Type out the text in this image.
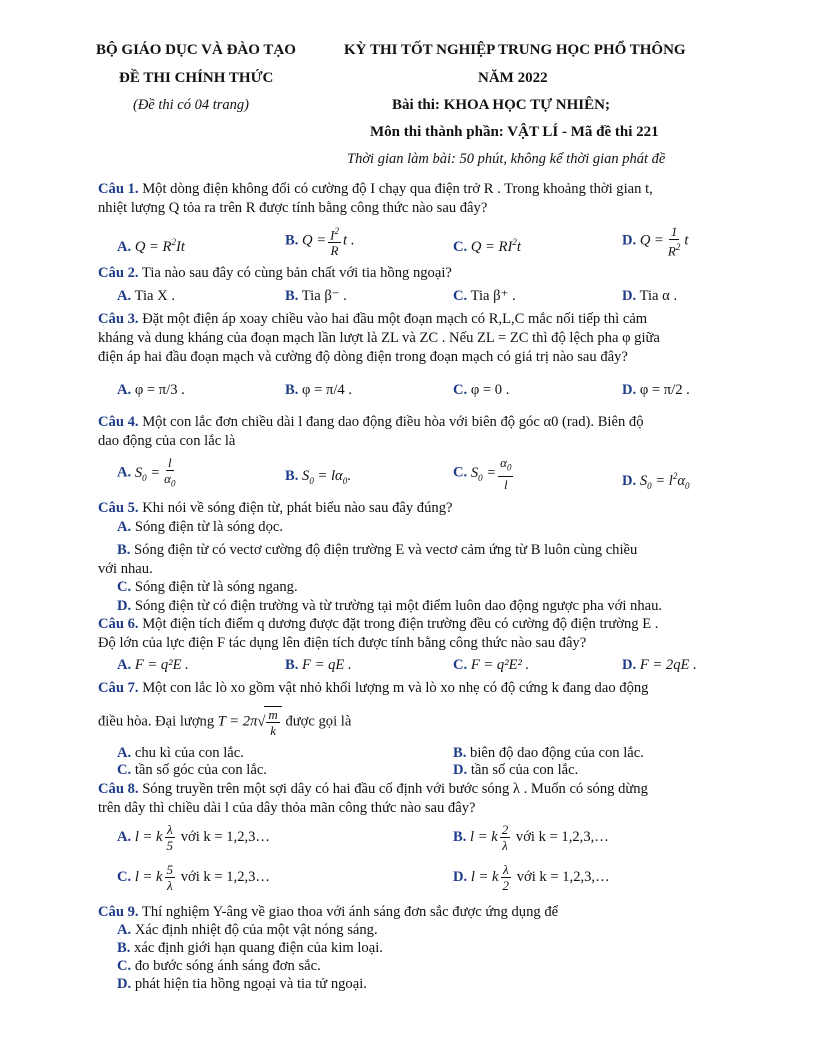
BỘ GIÁO DỤC VÀ ĐÀO TẠO
ĐỀ THI CHÍNH THỨC
(Đề thi có 04 trang)
KỲ THI TỐT NGHIỆP TRUNG HỌC PHỔ THÔNG
NĂM 2022
Bài thi: KHOA HỌC TỰ NHIÊN;
Môn thi thành phần: VẬT LÍ - Mã đề thi 221
Thời gian làm bài: 50 phút, không kể thời gian phát đề
Câu 1. Một dòng điện không đổi có cường độ I chạy qua điện trở R . Trong khoảng thời gian t,
nhiệt lượng Q tỏa ra trên R được tính bằng công thức nào sau đây?
A. $Q = R^2It$	B. $Q = \frac{I^2}{R}$ t .	C. $Q = RI^2t$	D. $Q = \frac{1}{R^2}$ t
Câu 2. Tia nào sau đây có cùng bản chất với tia hồng ngoại?
A. Tia X .	B. Tia β⁻ .	C. Tia β⁺ .	D. Tia α .
Câu 3. Đặt một điện áp xoay chiều vào hai đầu một đoạn mạch có R,L,C mắc nối tiếp thì cảm
kháng và dung kháng của đoạn mạch lần lượt là ZL và ZC . Nếu ZL = ZC thì độ lệch pha φ giữa
điện áp hai đầu đoạn mạch và cường độ dòng điện trong đoạn mạch có giá trị nào sau đây?
A. φ = π/3 .	B. φ = π/4 .	C. φ = 0 .	D. φ = π/2 .
Câu 4. Một con lắc đơn chiều dài l đang dao động điều hòa với biên độ góc α0 (rad). Biên độ
dao động của con lắc là
A. $S_0 = \frac{l}{\alpha_0}$	B. $S_0 = l\alpha_0$.	C. $S_0 = \frac{\alpha_0}{l}$	D. $S_0 = l^2\alpha_0$
Câu 5. Khi nói về sóng điện từ, phát biểu nào sau đây đúng?
A. Sóng điện từ là sóng dọc.
B. Sóng điện từ có vectơ cường độ điện trường E và vectơ cảm ứng từ B luôn cùng chiều
với nhau.
C. Sóng điện từ là sóng ngang.
D. Sóng điện từ có điện trường và từ trường tại một điểm luôn dao động ngược pha với nhau.
Câu 6. Một điện tích điểm q dương được đặt trong điện trường đều có cường độ điện trường E .
Độ lớn của lực điện F tác dụng lên điện tích được tính bằng công thức nào sau đây?
A. F = q²E .	B. F = qE .	C. F = q²E² .	D. F = 2qE .
Câu 7. Một con lắc lò xo gồm vật nhỏ khối lượng m và lò xo nhẹ có độ cứng k đang dao động
điều hòa. Đại lượng T = 2π √ $\frac{m}{k}$ được gọi là
A. chu kì của con lắc.	B. biên độ dao động của con lắc.
C. tần số góc của con lắc.	D. tần số của con lắc.
Câu 8. Sóng truyền trên một sợi dây có hai đầu cố định với bước sóng λ . Muốn có sóng dừng
trên dây thì chiều dài l của dây thỏa mãn công thức nào sau đây?
A. l = k $\frac{\lambda}{5}$ với k = 1,2,3…	B. l = k $\frac{2}{\lambda}$ với k = 1,2,3,…
C. l = k $\frac{5}{\lambda}$ với k = 1,2,3…	D. l = k $\frac{\lambda}{2}$ với k = 1,2,3,…
Câu 9. Thí nghiệm Y-âng về giao thoa với ánh sáng đơn sắc được ứng dụng để
A. Xác định nhiệt độ của một vật nóng sáng.
B. xác định giới hạn quang điện của kim loại.
C. đo bước sóng ánh sáng đơn sắc.
D. phát hiện tia hồng ngoại và tia tử ngoại.
